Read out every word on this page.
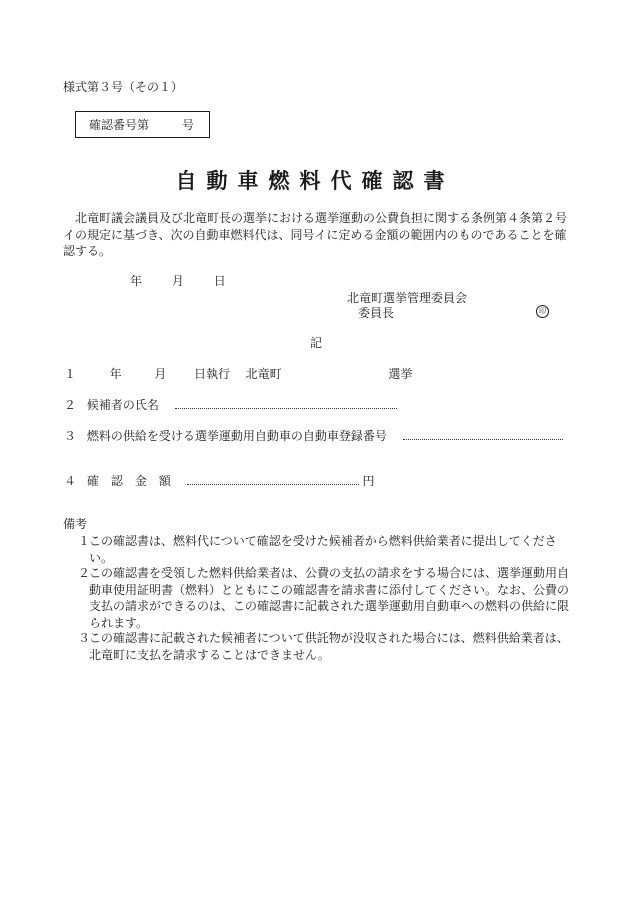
様式第３号（その１）
確認番号第	号
自動車燃料代確認書
北竜町議会議員及び北竜町長の選挙における選挙運動の公費負担に関する条例第４条第２号イの規定に基づき、次の自動車燃料代は、同号イに定める金額の範囲内のものであることを確認する。
年 月 日
北竜町選挙管理委員会
委員長	印
記
１	年	月 日執行 北竜町	選挙
２ 候補者の氏名
３ 燃料の供給を受ける選挙運動用自動車の自動車登録番号
４ 確　認　金　額	円
備考
１
この確認書は、燃料代について確認を受けた候補者から燃料供給業者に提出してください。
２
この確認書を受領した燃料供給業者は、公費の支払の請求をする場合には、選挙運動用自動車使用証明書（燃料）とともにこの確認書を請求書に添付してください。なお、公費の支払の請求ができるのは、この確認書に記載された選挙運動用自動車への燃料の供給に限られます。
３
この確認書に記載された候補者について供託物が没収された場合には、燃料供給業者は、北竜町に支払を請求することはできません。
